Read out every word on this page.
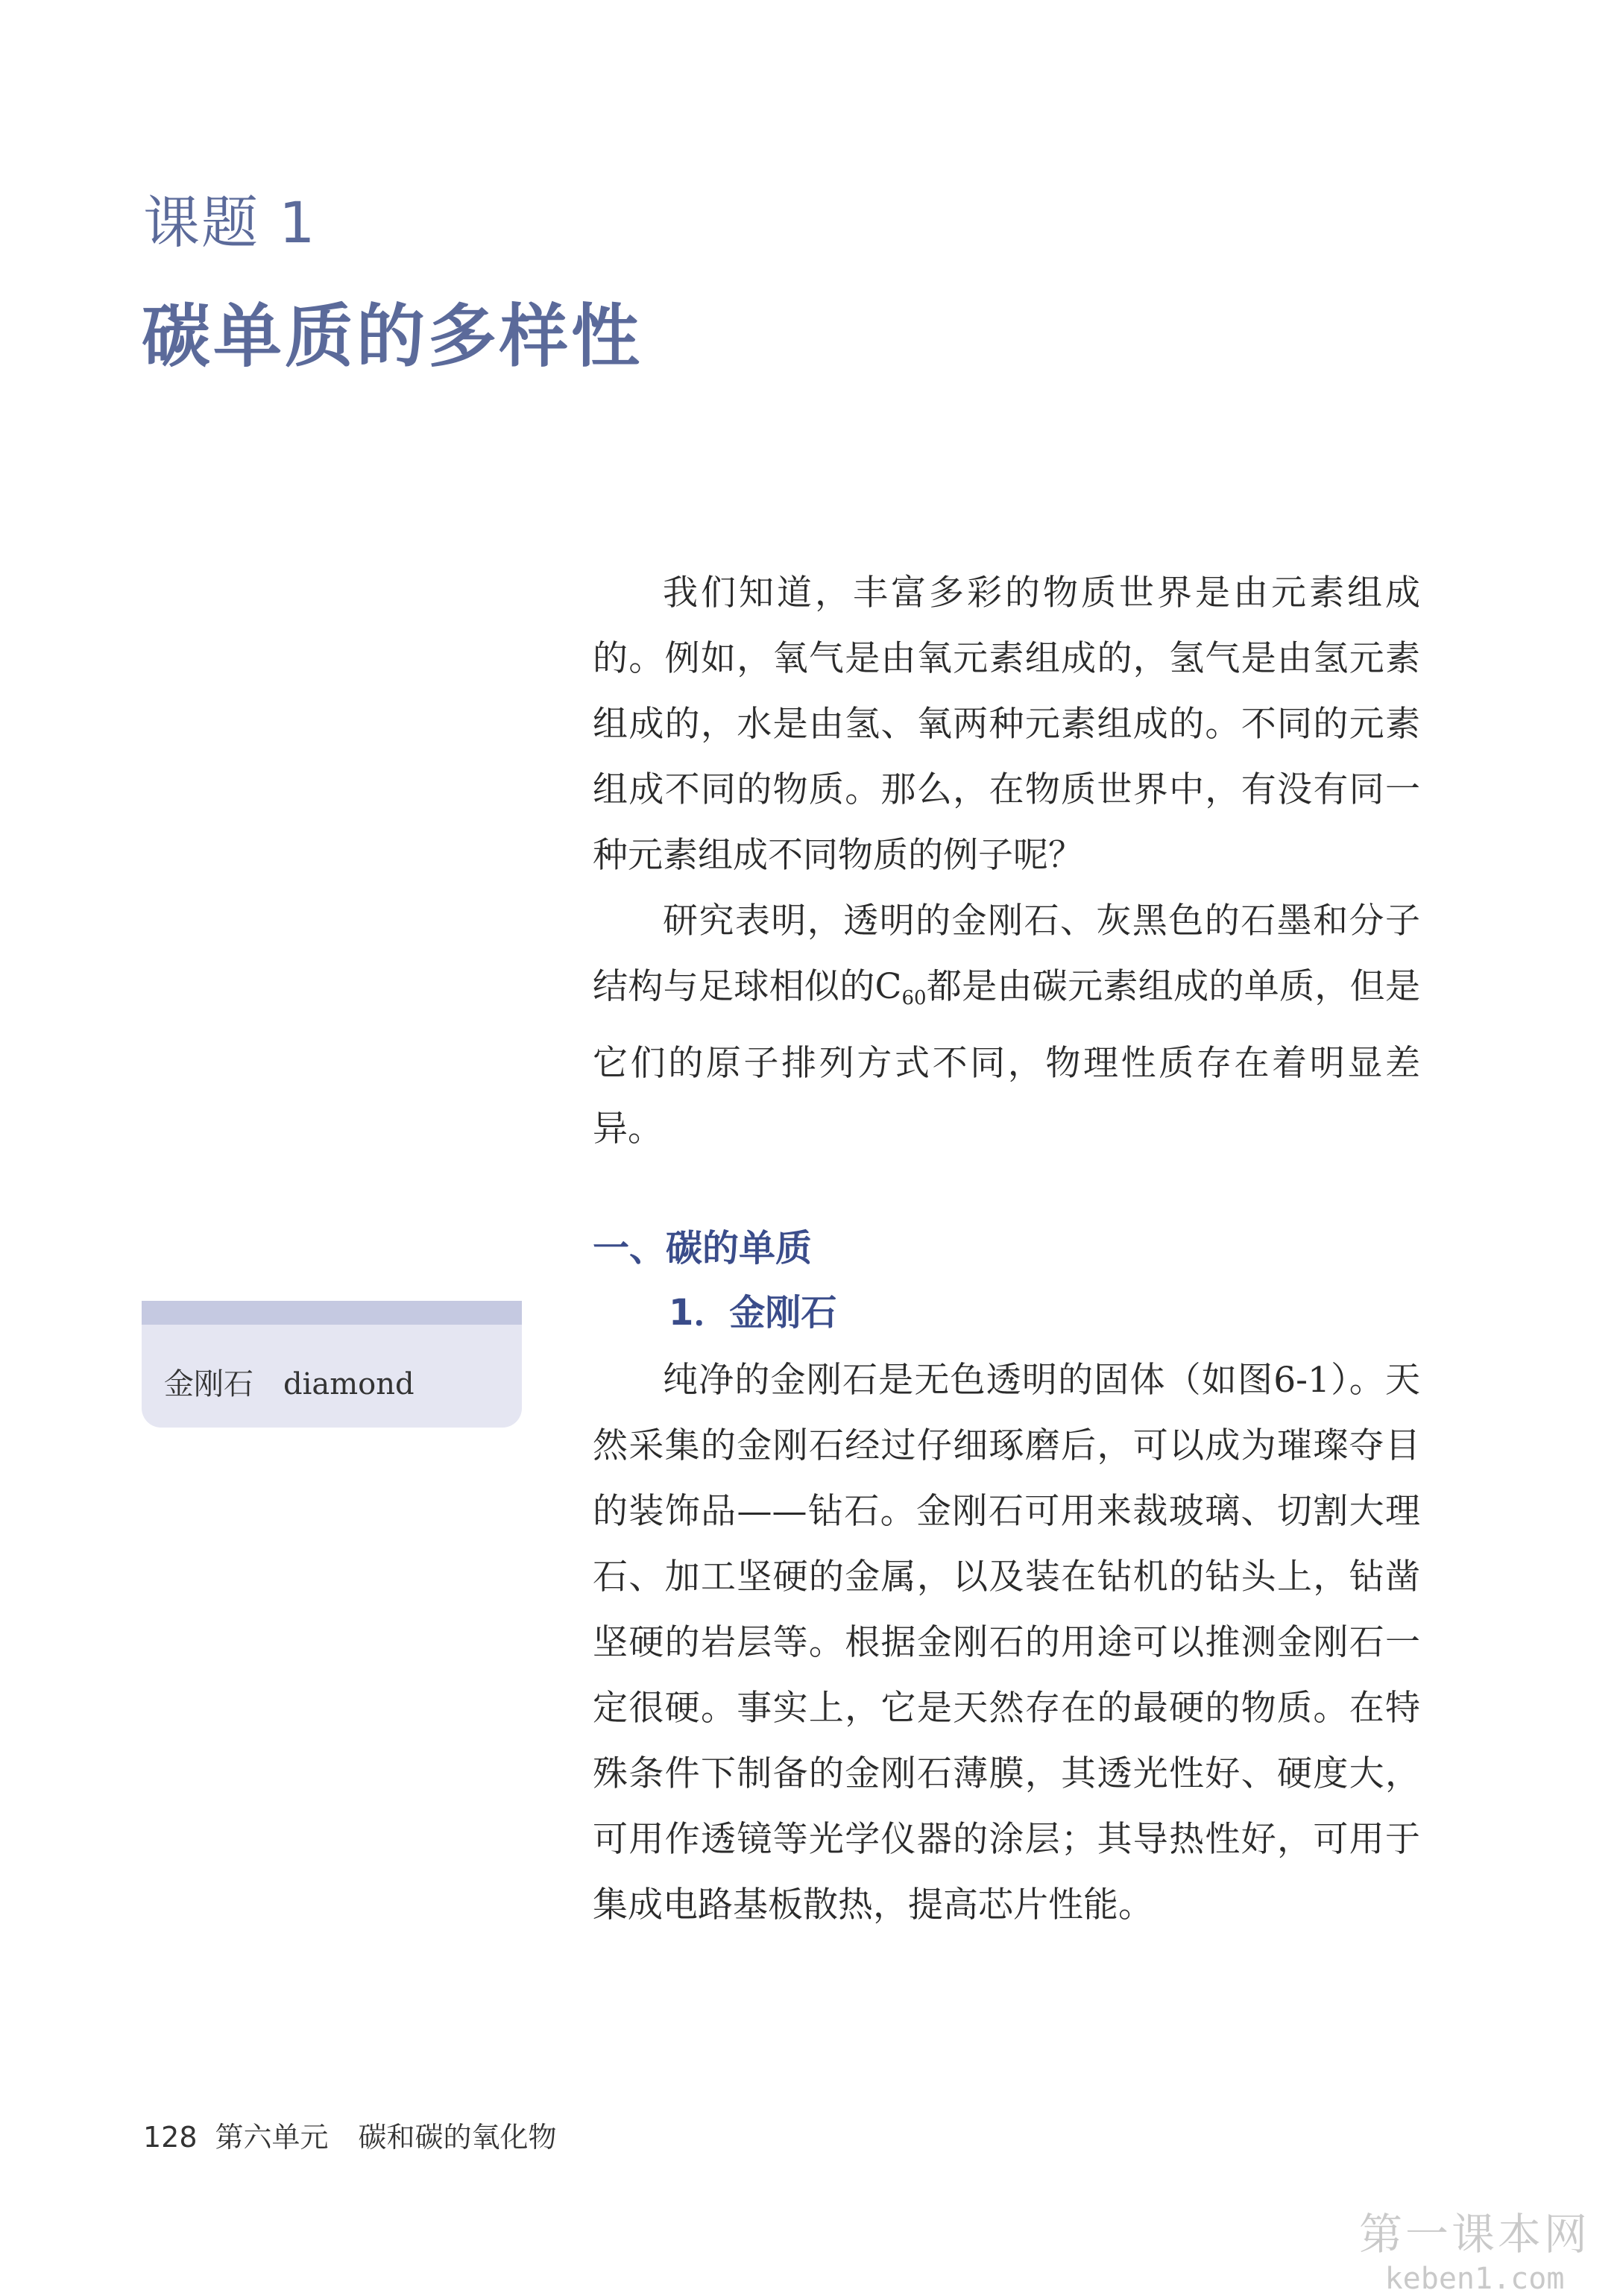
课题 1
碳单质的多样性

我们知道，丰富多彩的物质世界是由元素组成的。例如，氧气是由氧元素组成的，氢气是由氢元素组成的，水是由氢、氧两种元素组成的。不同的元素组成不同的物质。那么，在物质世界中，有没有同一种元素组成不同物质的例子呢？

研究表明，透明的金刚石、灰黑色的石墨和分子结构与足球相似的$C_{60}$都是由碳元素组成的单质，但是它们的原子排列方式不同，物理性质存在着明显差异。

一、碳的单质
1．金刚石

纯净的金刚石是无色透明的固体（如图6-1）。天然采集的金刚石经过仔细琢磨后，可以成为璀璨夺目的装饰品——钻石。金刚石可用来裁玻璃、切割大理石、加工坚硬的金属，以及装在钻机的钻头上，钻凿坚硬的岩层等。根据金刚石的用途可以推测金刚石一定很硬。事实上，它是天然存在的最硬的物质。在特殊条件下制备的金刚石薄膜，其透光性好、硬度大，可用作透镜等光学仪器的涂层；其导热性好，可用于集成电路基板散热，提高芯片性能。

金刚石 diamond
128 第六单元 碳和碳的氧化物
第一课本网
keben1.com
